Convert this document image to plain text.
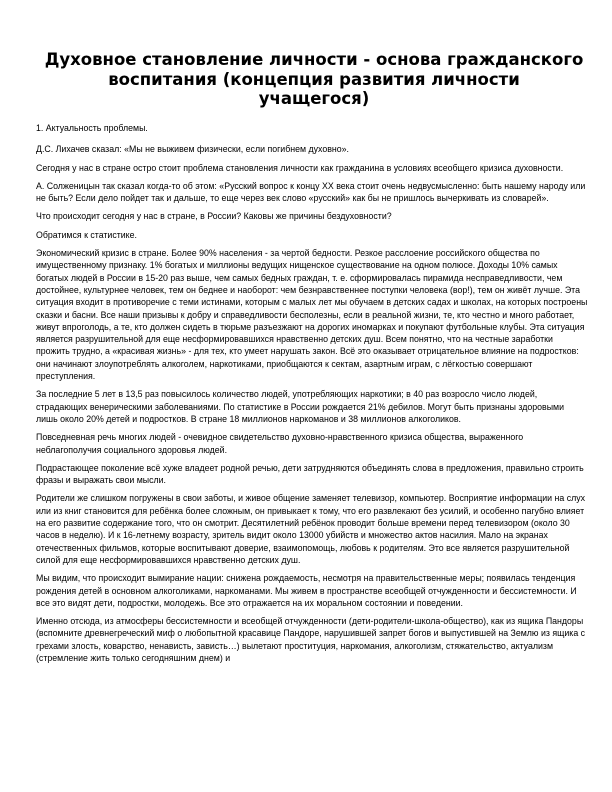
Духовное становление личности - основа гражданского
воспитания (концепция развития личности
учащегося)

1. Актуальность проблемы.

Д.С. Лихачев сказал: «Мы не выживем физически, если погибнем духовно».

Сегодня у нас в стране остро стоит проблема становления личности как гражданина в условиях всеобщего кризиса духовности.

А. Солженицын так сказал когда-то об этом: «Русский вопрос к концу XX века стоит очень недвусмысленно: быть нашему народу или не быть? Если дело пойдет так и дальше, то еще через век слово «русский» как бы не пришлось вычеркивать из словарей».

Что происходит сегодня у нас в стране, в России? Каковы же причины бездуховности?

Обратимся к статистике.

Экономический кризис в стране. Более 90% населения - за чертой бедности. Резкое расслоение российского общества по имущественному признаку. 1% богатых и миллионы ведущих нищенское существование на одном полюсе. Доходы 10% самых богатых людей в России в 15-20 раз выше, чем самых бедных граждан, т. е. сформировалась пирамида несправедливости, чем достойнее, культурнее человек, тем он беднее и наоборот: чем безнравственнее поступки человека (вор!), тем он живёт лучше. Эта ситуация входит в противоречие с теми истинами, которым с малых лет мы обучаем в детских садах и школах, на которых построены сказки и басни. Все наши призывы к добру и справедливости бесполезны, если в реальной жизни, те, кто честно и много работает, живут впроголодь, а те, кто должен сидеть в тюрьме разъезжают на дорогих иномарках и покупают футбольные клубы. Эта ситуация является разрушительной для еще несформировавшихся нравственно детских душ. Всем понятно, что на честные заработки прожить трудно, а «красивая жизнь» - для тех, кто умеет нарушать закон. Всё это оказывает отрицательное влияние на подростков: они начинают злоупотреблять алкоголем, наркотиками, приобщаются к сектам, азартным играм, с лёгкостью совершают преступления.

За последние 5 лет в 13,5 раз повысилось количество людей, употребляющих наркотики; в 40 раз возросло число людей, страдающих венерическими заболеваниями. По статистике в России рождается 21% дебилов. Могут быть признаны здоровыми лишь около 20% детей и подростков. В стране 18 миллионов наркоманов и 38 миллионов алкоголиков.

Повседневная речь многих людей - очевидное свидетельство духовно-нравственного кризиса общества, выраженного неблагополучия социального здоровья людей.

Подрастающее поколение всё хуже владеет родной речью, дети затрудняются объединять слова в предложения, правильно строить фразы и выражать свои мысли.

Родители же слишком погружены в свои заботы, и живое общение заменяет телевизор, компьютер. Восприятие информации на слух или из книг становится для ребёнка более сложным, он привыкает к тому, что его развлекают без усилий, и особенно пагубно влияет на его развитие содержание того, что он смотрит. Десятилетний ребёнок проводит больше времени перед телевизором (около 30 часов в неделю). И к 16-летнему возрасту, зритель видит около 13000 убийств и множество актов насилия. Мало на экранах отечественных фильмов, которые воспитывают доверие, взаимопомощь, любовь к родителям. Это все является разрушительной силой для еще несформировавшихся нравственно детских душ.

Мы видим, что происходит вымирание нации: снижена рождаемость, несмотря на правительственные меры; появилась тенденция рождения детей в основном алкоголиками, наркоманами. Мы живем в пространстве всеобщей отчужденности и бессистемности. И все это видят дети, подростки, молодежь. Все это отражается на их моральном состоянии и поведении.

Именно отсюда, из атмосферы бессистемности и всеобщей отчужденности (дети-родители-школа-общество), как из ящика Пандоры (вспомните древнегреческий миф о любопытной красавице Пандоре, нарушившей запрет богов и выпустившей на Землю из ящика с грехами злость, коварство, ненависть, зависть…) вылетают проституция, наркомания, алкоголизм, стяжательство, актуализм (стремление жить только сегодняшним днем) и
